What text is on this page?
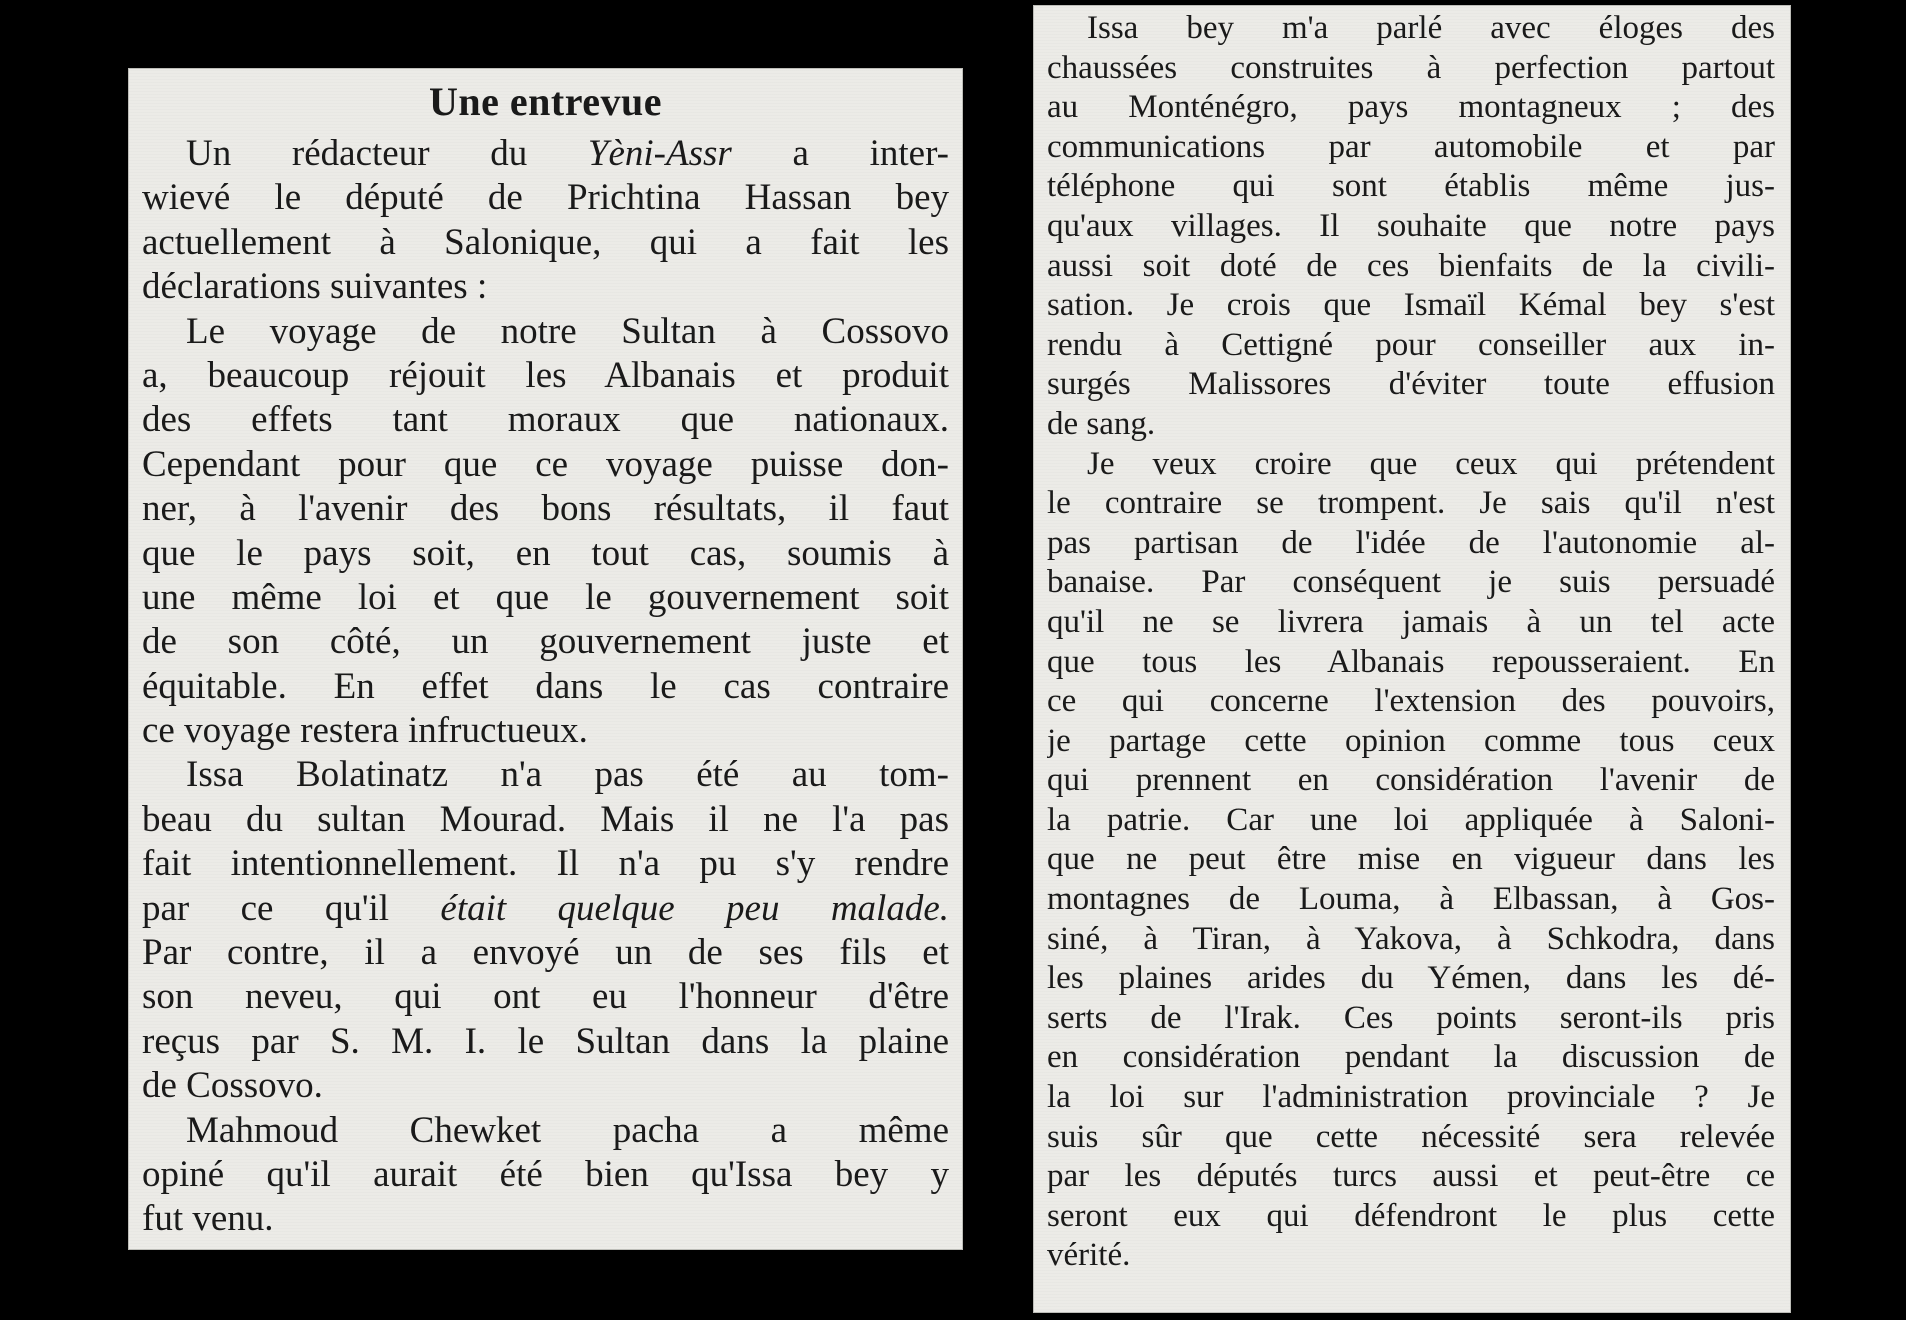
Une entrevue
Un rédacteur du Yèni-Assr a inter-
wievé le député de Prichtina Hassan bey
actuellement à Salonique, qui a fait les
déclarations suivantes :
Le voyage de notre Sultan à Cossovo
a, beaucoup réjouit les Albanais et produit
des effets tant moraux que nationaux.
Cependant pour que ce voyage puisse don-
ner, à l'avenir des bons résultats, il faut
que le pays soit, en tout cas, soumis à
une même loi et que le gouvernement soit
de son côté, un gouvernement juste et
équitable. En effet dans le cas contraire
ce voyage restera infructueux.
Issa Bolatinatz n'a pas été au tom-
beau du sultan Mourad. Mais il ne l'a pas
fait intentionnellement. Il n'a pu s'y rendre
par ce qu'il était quelque peu malade.
Par contre, il a envoyé un de ses fils et
son neveu, qui ont eu l'honneur d'être
reçus par S. M. I. le Sultan dans la plaine
de Cossovo.
Mahmoud Chewket pacha a même
opiné qu'il aurait été bien qu'Issa bey y
fut venu.
Issa bey m'a parlé avec éloges des
chaussées construites à perfection partout
au Monténégro, pays montagneux ; des
communications par automobile et par
téléphone qui sont établis même jus-
qu'aux villages. Il souhaite que notre pays
aussi soit doté de ces bienfaits de la civili-
sation. Je crois que Ismaïl Kémal bey s'est
rendu à Cettigné pour conseiller aux in-
surgés Malissores d'éviter toute effusion
de sang.
Je veux croire que ceux qui prétendent
le contraire se trompent. Je sais qu'il n'est
pas partisan de l'idée de l'autonomie al-
banaise. Par conséquent je suis persuadé
qu'il ne se livrera jamais à un tel acte
que tous les Albanais repousseraient. En
ce qui concerne l'extension des pouvoirs,
je partage cette opinion comme tous ceux
qui prennent en considération l'avenir de
la patrie. Car une loi appliquée à Saloni-
que ne peut être mise en vigueur dans les
montagnes de Louma, à Elbassan, à Gos-
siné, à Tiran, à Yakova, à Schkodra, dans
les plaines arides du Yémen, dans les dé-
serts de l'Irak. Ces points seront-ils pris
en considération pendant la discussion de
la loi sur l'administration provinciale ? Je
suis sûr que cette nécessité sera relevée
par les députés turcs aussi et peut-être ce
seront eux qui défendront le plus cette
vérité.
